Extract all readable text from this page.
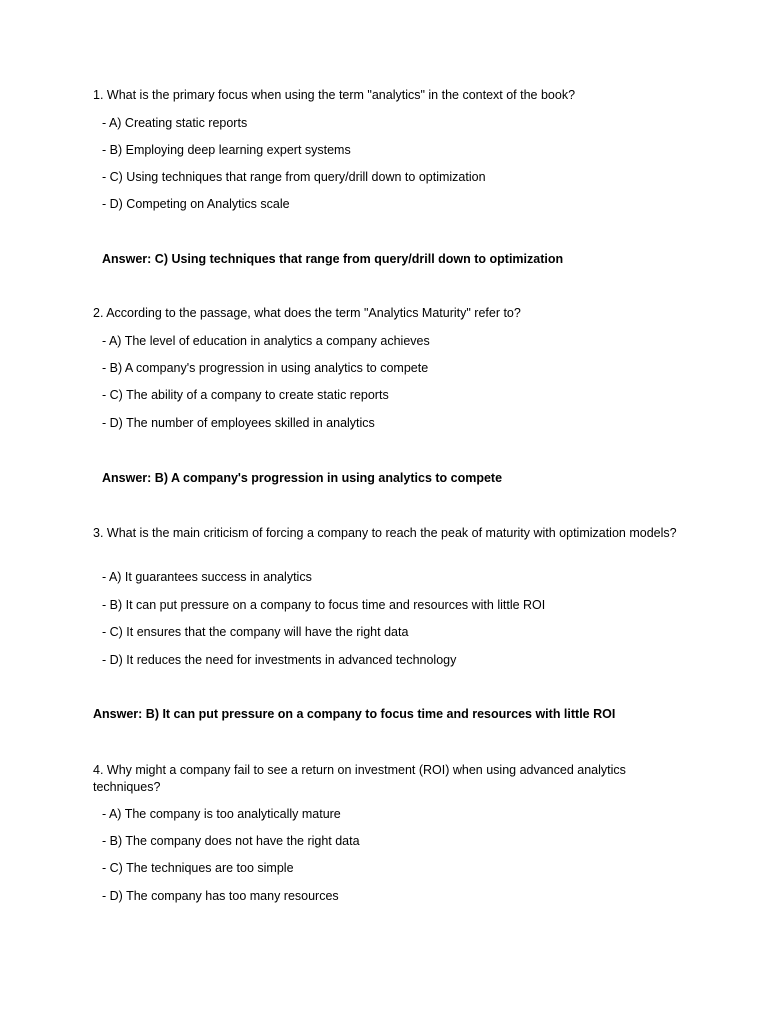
1. What is the primary focus when using the term "analytics" in the context of the book?

- A) Creating static reports

- B) Employing deep learning expert systems

- C) Using techniques that range from query/drill down to optimization

- D) Competing on Analytics scale

Answer: C) Using techniques that range from query/drill down to optimization

2. According to the passage, what does the term "Analytics Maturity" refer to?

- A) The level of education in analytics a company achieves

- B) A company's progression in using analytics to compete

- C) The ability of a company to create static reports

- D) The number of employees skilled in analytics

Answer: B) A company's progression in using analytics to compete

3. What is the main criticism of forcing a company to reach the peak of maturity with optimization models?

- A) It guarantees success in analytics

- B) It can put pressure on a company to focus time and resources with little ROI

- C) It ensures that the company will have the right data

- D) It reduces the need for investments in advanced technology

Answer: B) It can put pressure on a company to focus time and resources with little ROI

4. Why might a company fail to see a return on investment (ROI) when using advanced analytics techniques?

- A) The company is too analytically mature

- B) The company does not have the right data

- C) The techniques are too simple

- D) The company has too many resources
